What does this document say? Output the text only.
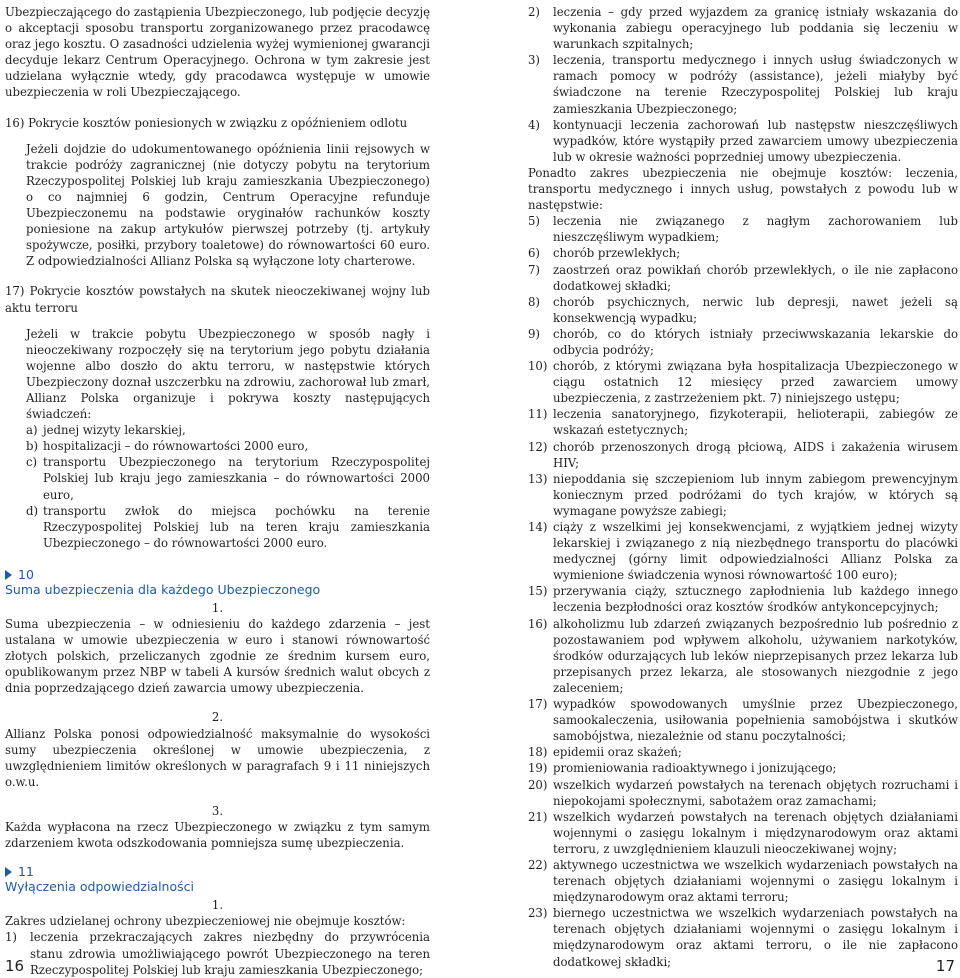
Ubezpieczającego do zastąpienia Ubezpieczonego, lub podjęcie decyzję o akceptacji sposobu transportu zorganizowanego przez pracodawcę oraz jego kosztu. O zasadności udzielenia wyżej wymienionej gwarancji decyduje lekarz Centrum Operacyjnego. Ochrona w tym zakresie jest udzielana wyłącznie wtedy, gdy pracodawca występuje w umowie ubezpieczenia w roli Ubezpieczającego.

16) Pokrycie kosztów poniesionych w związku z opóźnieniem odlotu

Jeżeli dojdzie do udokumentowanego opóźnienia linii rejsowych w trakcie podróży zagranicznej (nie dotyczy pobytu na terytorium Rzeczypospolitej Polskiej lub kraju zamieszkania Ubezpieczonego) o co najmniej 6 godzin, Centrum Operacyjne refunduje Ubezpieczonemu na podstawie oryginałów rachunków koszty poniesione na zakup artykułów pierwszej potrzeby (tj. artykuły spożywcze, posiłki, przybory toaletowe) do równowartości 60 euro. Z odpowiedzialności Allianz Polska są wyłączone loty charterowe.

17) Pokrycie kosztów powstałych na skutek nieoczekiwanej wojny lub aktu terroru

Jeżeli w trakcie pobytu Ubezpieczonego w sposób nagły i nieoczekiwany rozpoczęły się na terytorium jego pobytu działania wojenne albo doszło do aktu terroru, w następstwie których Ubezpieczony doznał uszczerbku na zdrowiu, zachorował lub zmarł, Allianz Polska organizuje i pokrywa koszty następujących świadczeń:

a) jednej wizyty lekarskiej,
b) hospitalizacji – do równowartości 2000 euro,
c) transportu Ubezpieczonego na terytorium Rzeczypospolitej Polskiej lub kraju jego zamieszkania – do równowartości 2000 euro,
d) transportu zwłok do miejsca pochówku na terenie Rzeczypospolitej Polskiej lub na teren kraju zamieszkania Ubezpieczonego – do równowartości 2000 euro.
10
Suma ubezpieczenia dla każdego Ubezpieczonego

1.

Suma ubezpieczenia – w odniesieniu do każdego zdarzenia – jest ustalana w umowie ubezpieczenia w euro i stanowi równowartość złotych polskich, przeliczanych zgodnie ze średnim kursem euro, opublikowanym przez NBP w tabeli A kursów średnich walut obcych z dnia poprzedzającego dzień zawarcia umowy ubezpieczenia.

2.

Allianz Polska ponosi odpowiedzialność maksymalnie do wysokości sumy ubezpieczenia określonej w umowie ubezpieczenia, z uwzględnieniem limitów określonych w paragrafach 9 i 11 niniejszych o.w.u.

3.

Każda wypłacona na rzecz Ubezpieczonego w związku z tym samym zdarzeniem kwota odszkodowania pomniejsza sumę ubezpieczenia.

11
Wyłączenia odpowiedzialności

1.

Zakres udzielanej ochrony ubezpieczeniowej nie obejmuje kosztów:

1) leczenia przekraczających zakres niezbędny do przywrócenia stanu zdrowia umożliwiającego powrót Ubezpieczonego na teren Rzeczypospolitej Polskiej lub kraju zamieszkania Ubezpieczonego;
2) leczenia – gdy przed wyjazdem za granicę istniały wskazania do wykonania zabiegu operacyjnego lub poddania się leczeniu w warunkach szpitalnych;
3) leczenia, transportu medycznego i innych usług świadczonych w ramach pomocy w podróży (assistance), jeżeli miałyby być świadczone na terenie Rzeczypospolitej Polskiej lub kraju zamieszkania Ubezpieczonego;
4) kontynuacji leczenia zachorowań lub następstw nieszczęśliwych wypadków, które wystąpiły przed zawarciem umowy ubezpieczenia lub w okresie ważności poprzedniej umowy ubezpieczenia.

Ponadto zakres ubezpieczenia nie obejmuje kosztów: leczenia, transportu medycznego i innych usług, powstałych z powodu lub w następstwie:

5) leczenia nie związanego z nagłym zachorowaniem lub nieszczęśliwym wypadkiem;
6) chorób przewlekłych;
7) zaostrzeń oraz powikłań chorób przewlekłych, o ile nie zapłacono dodatkowej składki;
8) chorób psychicznych, nerwic lub depresji, nawet jeżeli są konsekwencją wypadku;
9) chorób, co do których istniały przeciwwskazania lekarskie do odbycia podróży;
10) chorób, z którymi związana była hospitalizacja Ubezpieczonego w ciągu ostatnich 12 miesięcy przed zawarciem umowy ubezpieczenia, z zastrzeżeniem pkt. 7) niniejszego ustępu;
11) leczenia sanatoryjnego, fizykoterapii, helioterapii, zabiegów ze wskazań estetycznych;
12) chorób przenoszonych drogą płciową, AIDS i zakażenia wirusem HIV;
13) niepoddania się szczepieniom lub innym zabiegom prewencyjnym koniecznym przed podróżami do tych krajów, w których są wymagane powyższe zabiegi;
14) ciąży z wszelkimi jej konsekwencjami, z wyjątkiem jednej wizyty lekarskiej i związanego z nią niezbędnego transportu do placówki medycznej (górny limit odpowiedzialności Allianz Polska za wymienione świadczenia wynosi równowartość 100 euro);
15) przerywania ciąży, sztucznego zapłodnienia lub każdego innego leczenia bezpłodności oraz kosztów środków antykoncepcyjnych;
16) alkoholizmu lub zdarzeń związanych bezpośrednio lub pośrednio z pozostawaniem pod wpływem alkoholu, używaniem narkotyków, środków odurzających lub leków nieprzepisanych przez lekarza lub przepisanych przez lekarza, ale stosowanych niezgodnie z jego zaleceniem;
17) wypadków spowodowanych umyślnie przez Ubezpieczonego, samookaleczenia, usiłowania popełnienia samobójstwa i skutków samobójstwa, niezależnie od stanu poczytalności;
18) epidemii oraz skażeń;
19) promieniowania radioaktywnego i jonizującego;
20) wszelkich wydarzeń powstałych na terenach objętych rozruchami i niepokojami społecznymi, sabotażem oraz zamachami;
21) wszelkich wydarzeń powstałych na terenach objętych działaniami wojennymi o zasięgu lokalnym i międzynarodowym oraz aktami terroru, z uwzględnieniem klauzuli nieoczekiwanej wojny;
22) aktywnego uczestnictwa we wszelkich wydarzeniach powstałych na terenach objętych działaniami wojennymi o zasięgu lokalnym i międzynarodowym oraz aktami terroru;
23) biernego uczestnictwa we wszelkich wydarzeniach powstałych na terenach objętych działaniami wojennymi o zasięgu lokalnym i międzynarodowym oraz aktami terroru, o ile nie zapłacono dodatkowej składki;
16	17
